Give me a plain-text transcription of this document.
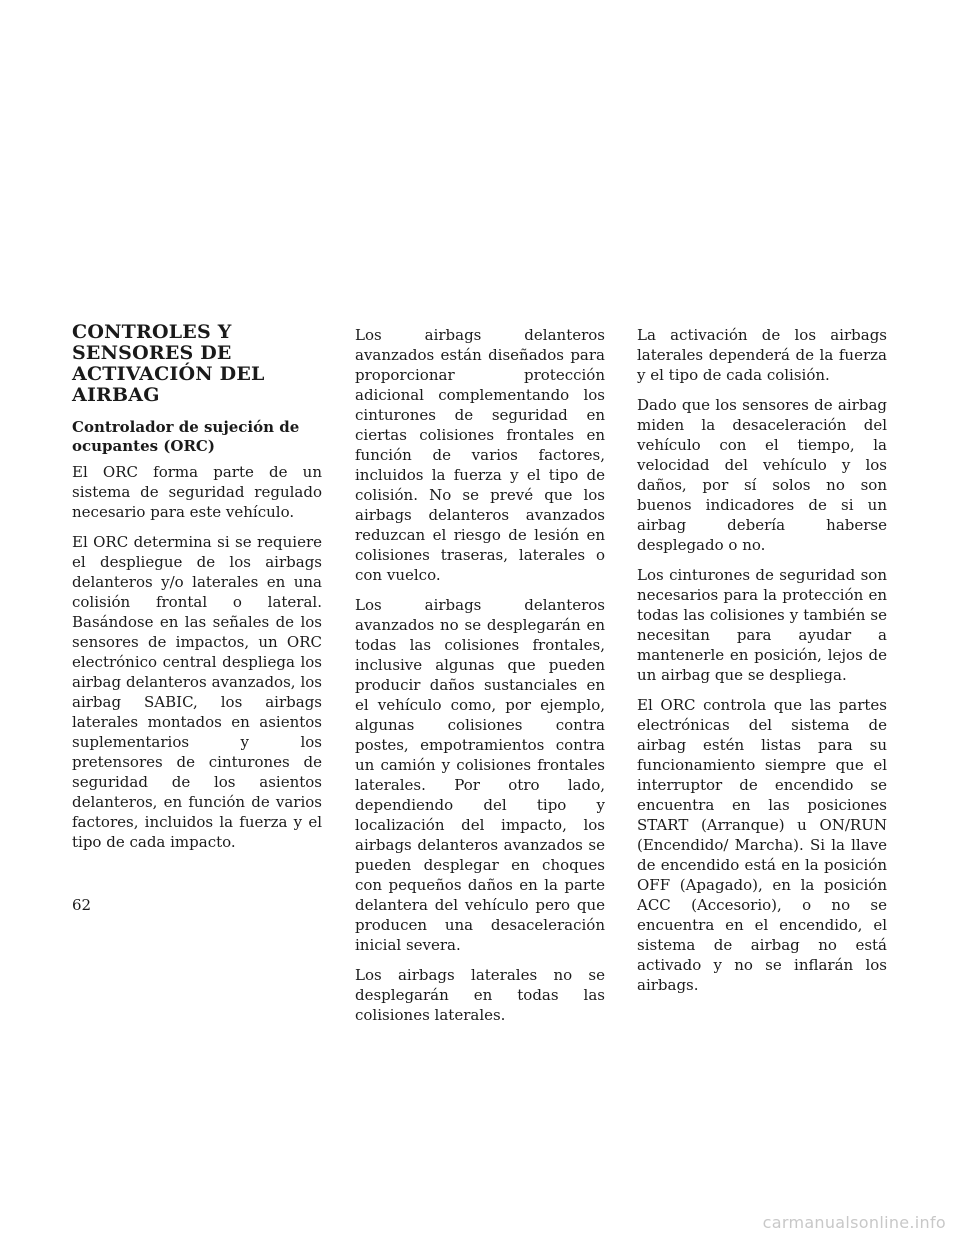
CONTROLES Y SENSORES DE ACTIVACIÓN DEL AIRBAG
Controlador de sujeción de ocupantes (ORC)

El ORC forma parte de un sistema de seguridad regulado necesario para este vehículo.

El ORC determina si se requiere el despliegue de los airbags delanteros y/o laterales en una colisión frontal o lateral. Basándose en las señales de los sensores de impactos, un ORC electrónico central despliega los airbag delanteros avanzados, los airbag SABIC, los airbags laterales montados en asientos suplementarios y los pretensores de cinturones de seguridad de los asientos delanteros, en función de varios factores, incluidos la fuerza y el tipo de cada impacto.

Los airbags delanteros avanzados están diseñados para proporcionar protección adicional complementando los cinturones de seguridad en ciertas colisiones frontales en función de varios factores, incluidos la fuerza y el tipo de colisión. No se prevé que los airbags delanteros avanzados reduzcan el riesgo de lesión en colisiones traseras, laterales o con vuelco.

Los airbags delanteros avanzados no se desplegarán en todas las colisiones frontales, inclusive algunas que pueden producir daños sustanciales en el vehículo como, por ejemplo, algunas colisiones contra postes, empotramientos contra un camión y colisiones frontales laterales. Por otro lado, dependiendo del tipo y localización del impacto, los airbags delanteros avanzados se pueden desplegar en choques con pequeños daños en la parte delantera del vehículo pero que producen una desaceleración inicial severa.

Los airbags laterales no se desplegarán en todas las colisiones laterales.

La activación de los airbags laterales dependerá de la fuerza y el tipo de cada colisión.

Dado que los sensores de airbag miden la desaceleración del vehículo con el tiempo, la velocidad del vehículo y los daños, por sí solos no son buenos indicadores de si un airbag debería haberse desplegado o no.

Los cinturones de seguridad son necesarios para la protección en todas las colisiones y también se necesitan para ayudar a mantenerle en posición, lejos de un airbag que se despliega.

El ORC controla que las partes electrónicas del sistema de airbag estén listas para su funcionamiento siempre que el interruptor de encendido se encuentra en las posiciones START (Arranque) u ON/RUN (Encendido/ Marcha). Si la llave de encendido está en la posición OFF (Apagado), en la posición ACC (Accesorio), o no se encuentra en el encendido, el sistema de airbag no está activado y no se inflarán los airbags.

62
carmanualsonline.info
